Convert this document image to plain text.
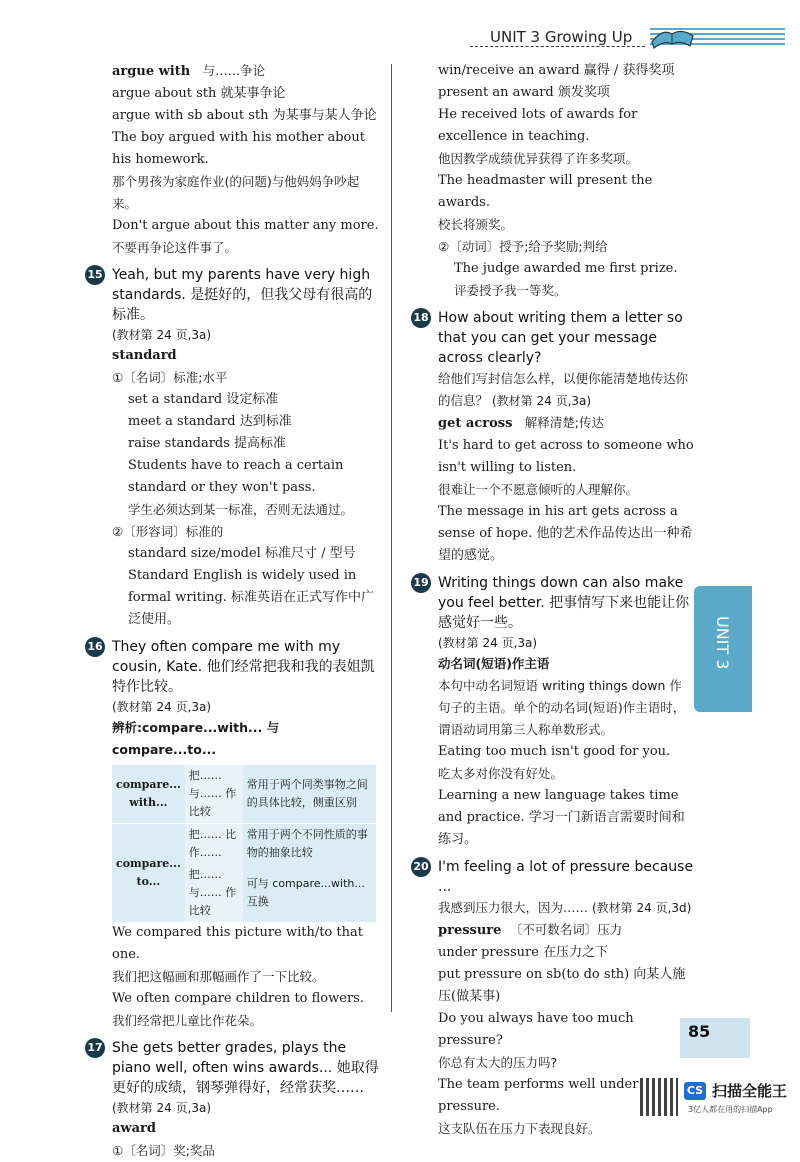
UNIT 3 Growing Up

argue with 与……争论

argue about sth 就某事争论

argue with sb about sth 为某事与某人争论

The boy argued with his mother about his homework.

那个男孩为家庭作业(的问题)与他妈妈争吵起来。

Don't argue about this matter any more.

不要再争论这件事了。

15 Yeah, but my parents have very high standards. 是挺好的，但我父母有很高的标准。

(教材第 24 页,3a)

standard

①〔名词〕标准;水平

set a standard 设定标准

meet a standard 达到标准

raise standards 提高标准

Students have to reach a certain standard or they won't pass.

学生必须达到某一标准，否则无法通过。

②〔形容词〕标准的

standard size/model 标准尺寸 / 型号

Standard English is widely used in formal writing. 标准英语在正式写作中广泛使用。

16 They often compare me with my cousin, Kate. 他们经常把我和我的表姐凯特作比较。

(教材第 24 页,3a)

辨析:compare...with... 与 compare...to...

compare... with...	把…… 与…… 作比较	常用于两个同类事物之间的具体比较，侧重区别
compare... to...	把…… 比作……	常用于两个不同性质的事物的抽象比较
	把…… 与…… 作比较	可与 compare...with... 互换

We compared this picture with/to that one.

我们把这幅画和那幅画作了一下比较。

We often compare children to flowers.

我们经常把儿童比作花朵。

17 She gets better grades, plays the piano well, often wins awards... 她取得更好的成绩，钢琴弹得好，经常获奖……

(教材第 24 页,3a)

award

①〔名词〕奖;奖品

win/receive an award 赢得 / 获得奖项

present an award 颁发奖项

He received lots of awards for excellence in teaching.

他因教学成绩优异获得了许多奖项。

The headmaster will present the awards.

校长将颁奖。

②〔动词〕授予;给予奖励;判给

The judge awarded me first prize.

评委授予我一等奖。

18 How about writing them a letter so that you can get your message across clearly?

给他们写封信怎么样，以便你能清楚地传达你的信息？ (教材第 24 页,3a)

get across 解释清楚;传达

It's hard to get across to someone who isn't willing to listen.

很难让一个不愿意倾听的人理解你。

The message in his art gets across a sense of hope. 他的艺术作品传达出一种希望的感觉。

19 Writing things down can also make you feel better. 把事情写下来也能让你感觉好一些。

(教材第 24 页,3a)

动名词(短语)作主语

本句中动名词短语 writing things down 作句子的主语。单个的动名词(短语)作主语时，谓语动词用第三人称单数形式。

Eating too much isn't good for you.

吃太多对你没有好处。

Learning a new language takes time and practice. 学习一门新语言需要时间和练习。

20 I'm feeling a lot of pressure because ...

我感到压力很大，因为…… (教材第 24 页,3d)

pressure 〔不可数名词〕压力

under pressure 在压力之下

put pressure on sb(to do sth) 向某人施压(做某事)

Do you always have too much pressure?

你总有太大的压力吗?

The team performs well under pressure.

这支队伍在压力下表现良好。

UNIT 3
85
CS 扫描全能王
3亿人都在用的扫描App
